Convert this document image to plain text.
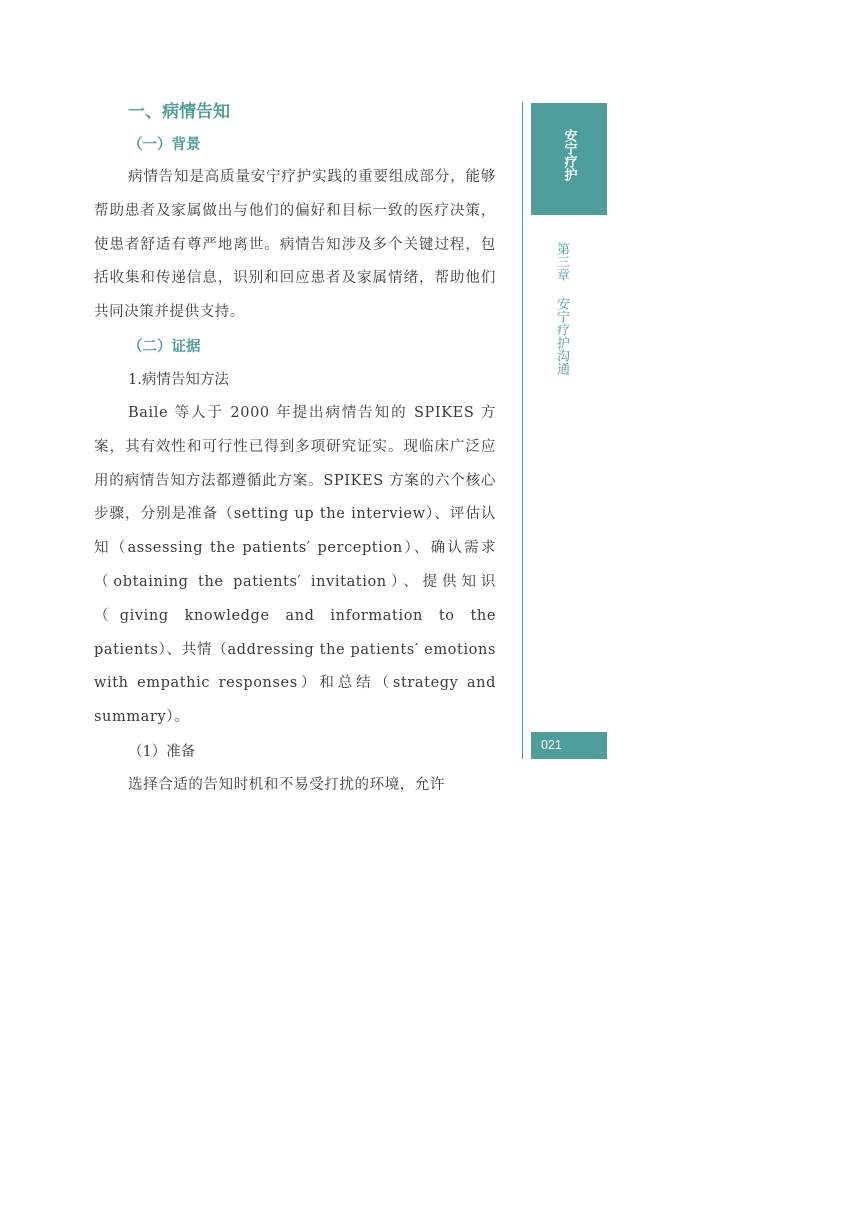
一、病情告知
（一）背景

病情告知是高质量安宁疗护实践的重要组成部分，能够帮助患者及家属做出与他们的偏好和目标一致的医疗决策，使患者舒适有尊严地离世。病情告知涉及多个关键过程，包括收集和传递信息，识别和回应患者及家属情绪，帮助他们共同决策并提供支持。

（二）证据
1.病情告知方法

Baile 等人于 2000 年提出病情告知的 SPIKES 方案，其有效性和可行性已得到多项研究证实。现临床广泛应用的病情告知方法都遵循此方案。SPIKES 方案的六个核心步骤，分别是准备（setting up the interview）、评估认知（assessing the patients′ perception）、确认需求（obtaining the patients′ invitation）、提供知识（giving knowledge and information to the patients）、共情（addressing the patients′ emotions with empathic responses）和总结（strategy and summary）。

（1）准备

选择合适的告知时机和不易受打扰的环境，允许

安宁疗护
第三章安宁疗护沟通
021
